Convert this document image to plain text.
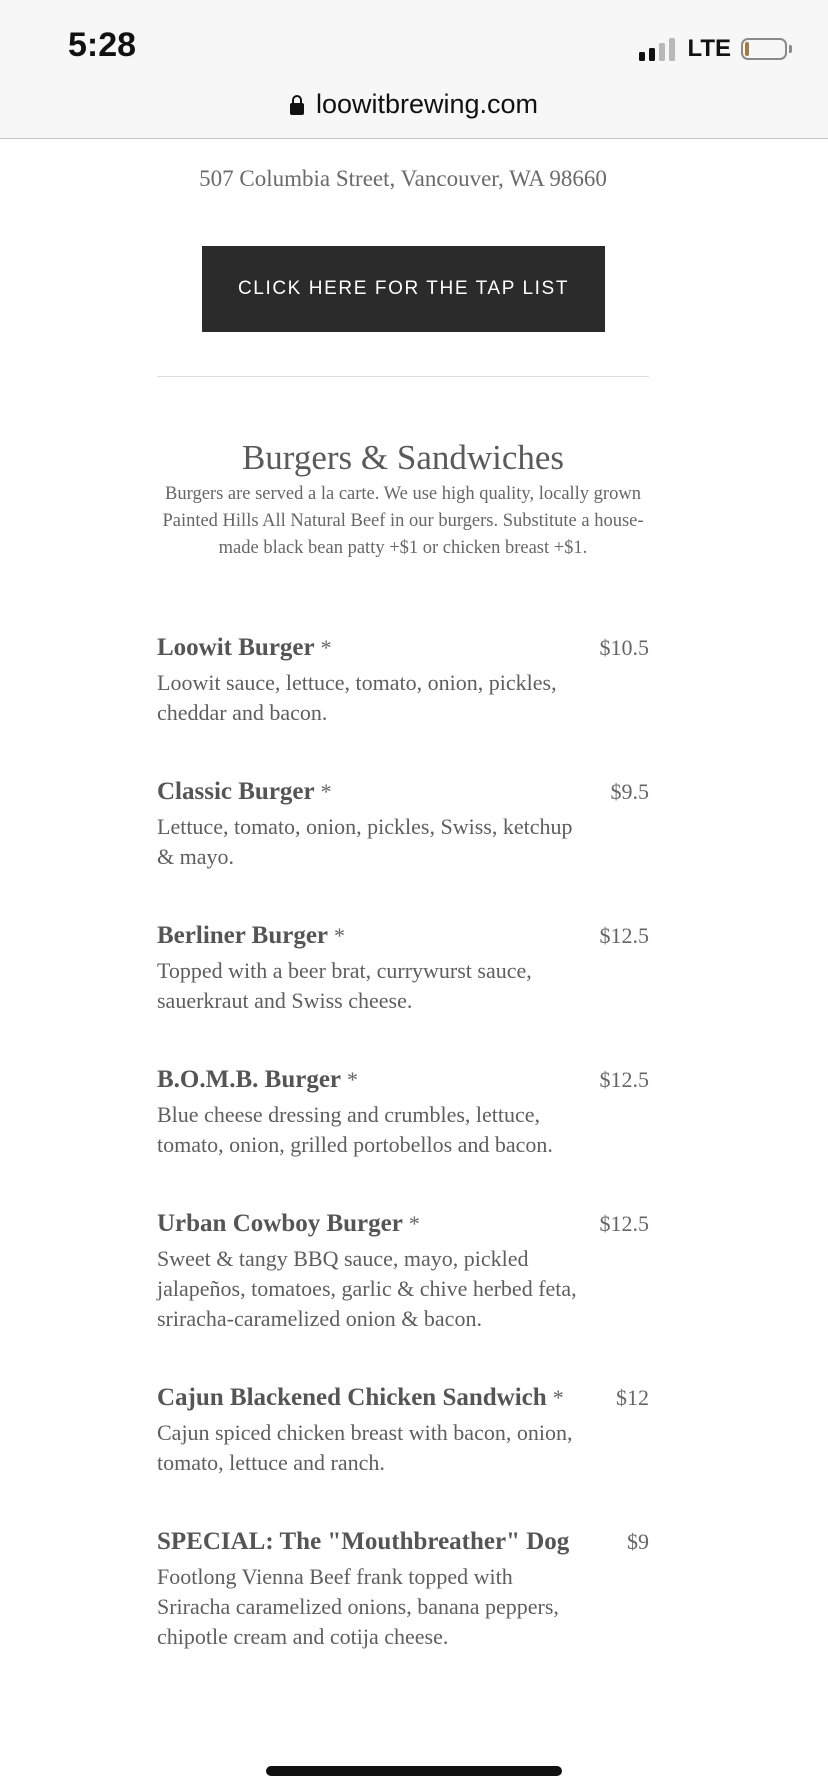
5:28	LTE
loowitbrewing.com
507 Columbia Street, Vancouver, WA 98660
CLICK HERE FOR THE TAP LIST
Burgers & Sandwiches
Burgers are served a la carte. We use high quality, locally grown Painted Hills All Natural Beef in our burgers. Substitute a house-made black bean patty +$1 or chicken breast +$1.
Loowit Burger *	$10.5
Loowit sauce, lettuce, tomato, onion, pickles, cheddar and bacon.
Classic Burger *	$9.5
Lettuce, tomato, onion, pickles, Swiss, ketchup & mayo.
Berliner Burger *	$12.5
Topped with a beer brat, currywurst sauce, sauerkraut and Swiss cheese.
B.O.M.B. Burger *	$12.5
Blue cheese dressing and crumbles, lettuce, tomato, onion, grilled portobellos and bacon.
Urban Cowboy Burger *	$12.5
Sweet & tangy BBQ sauce, mayo, pickled jalapeños, tomatoes, garlic & chive herbed feta, sriracha-caramelized onion & bacon.
Cajun Blackened Chicken Sandwich * $12
Cajun spiced chicken breast with bacon, onion, tomato, lettuce and ranch.
SPECIAL: The "Mouthbreather" Dog	$9
Footlong Vienna Beef frank topped with Sriracha caramelized onions, banana peppers, chipotle cream and cotija cheese.
